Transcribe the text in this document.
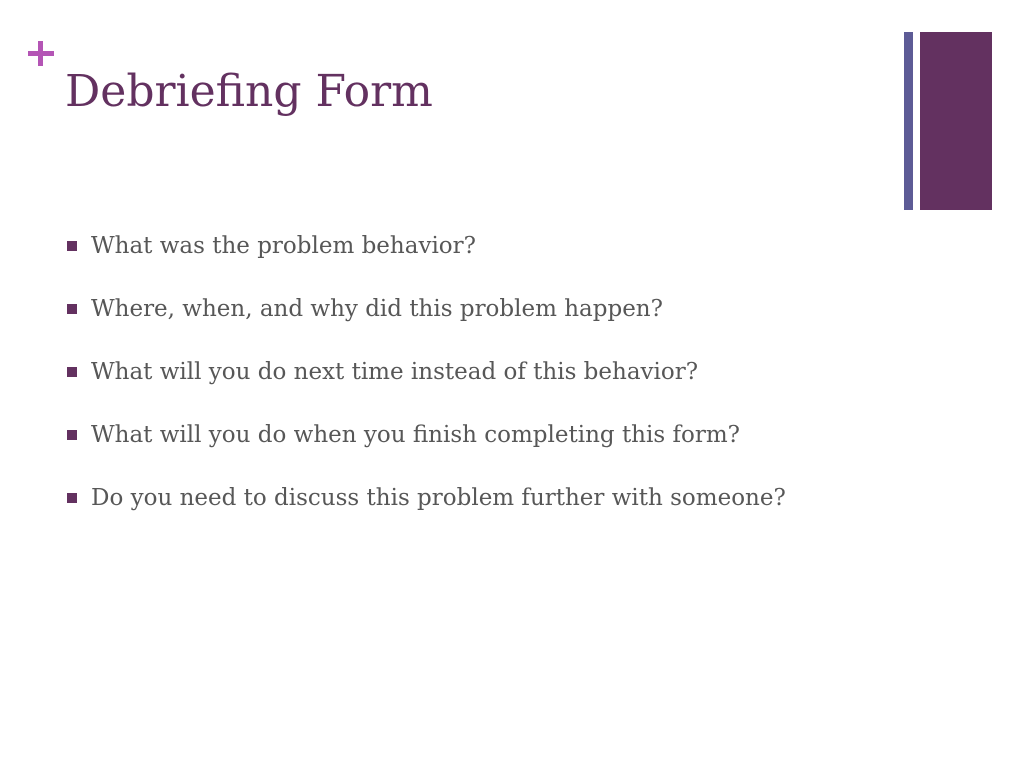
Debriefing Form
What was the problem behavior?
Where, when, and why did this problem happen?
What will you do next time instead of this behavior?
What will you do when you finish completing this form?
Do you need to discuss this problem further with someone?
